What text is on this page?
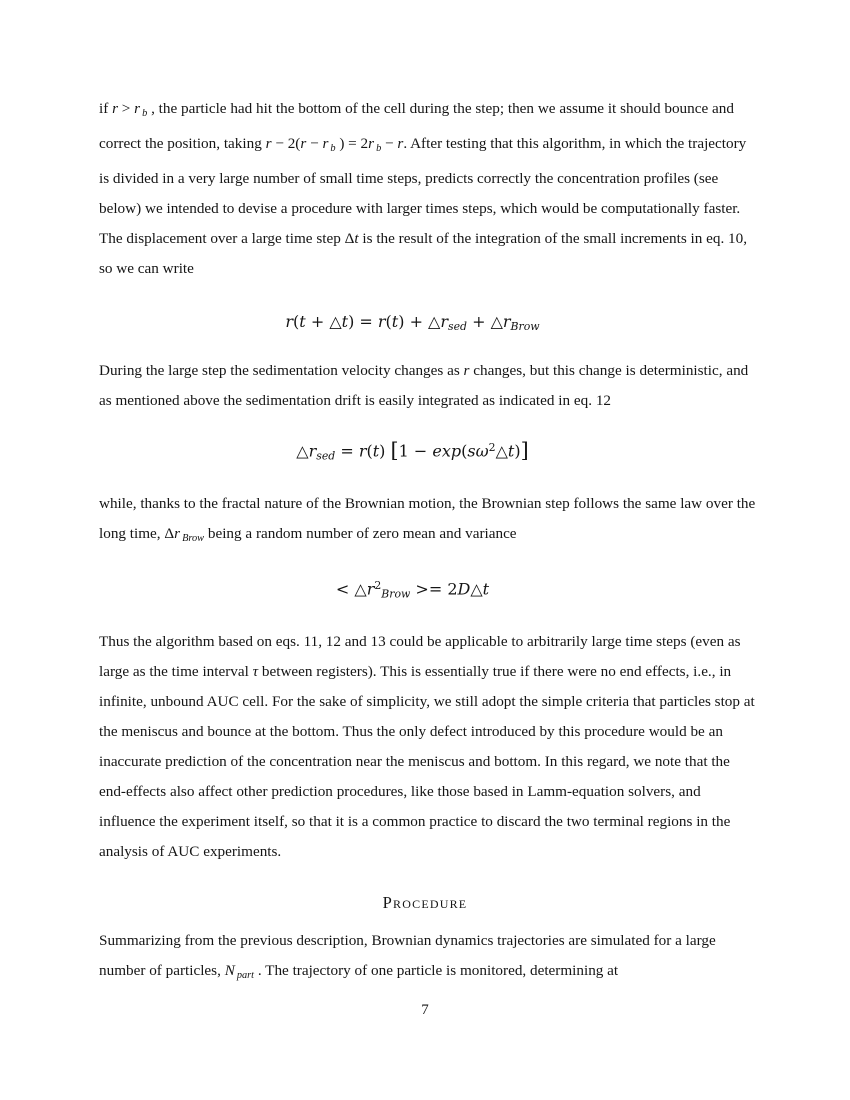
if r > r b , the particle had hit the bottom of the cell during the step; then we assume it should bounce and correct the position, taking r − 2(r − r b ) = 2r b − r. After testing that this algorithm, in which the trajectory is divided in a very large number of small time steps, predicts correctly the concentration profiles (see below) we intended to devise a procedure with larger times steps, which would be computationally faster. The displacement over a large time step Δt is the result of the integration of the small increments in eq. 10, so we can write

r(t + △t) = r(t) + △rsed + △rBrow

During the large step the sedimentation velocity changes as r changes, but this change is deterministic, and as mentioned above the sedimentation drift is easily integrated as indicated in eq. 12

△rsed = r(t) $[1 - \exp(s\omega^2\triangle t)]$

while, thanks to the fractal nature of the Brownian motion, the Brownian step follows the same law over the long time, Δr Brow being a random number of zero mean and variance

< $\triangle r^2Brow$ >= 2D△t

Thus the algorithm based on eqs. 11, 12 and 13 could be applicable to arbitrarily large time steps (even as large as the time interval τ between registers). This is essentially true if there were no end effects, i.e., in infinite, unbound AUC cell. For the sake of simplicity, we still adopt the simple criteria that particles stop at the meniscus and bounce at the bottom. Thus the only defect introduced by this procedure would be an inaccurate prediction of the concentration near the meniscus and bottom. In this regard, we note that the end-effects also affect other prediction procedures, like those based in Lamm-equation solvers, and influence the experiment itself, so that it is a common practice to discard the two terminal regions in the analysis of AUC experiments.

Procedure

Summarizing from the previous description, Brownian dynamics trajectories are simulated for a large number of particles, N part . The trajectory of one particle is monitored, determining at

7
